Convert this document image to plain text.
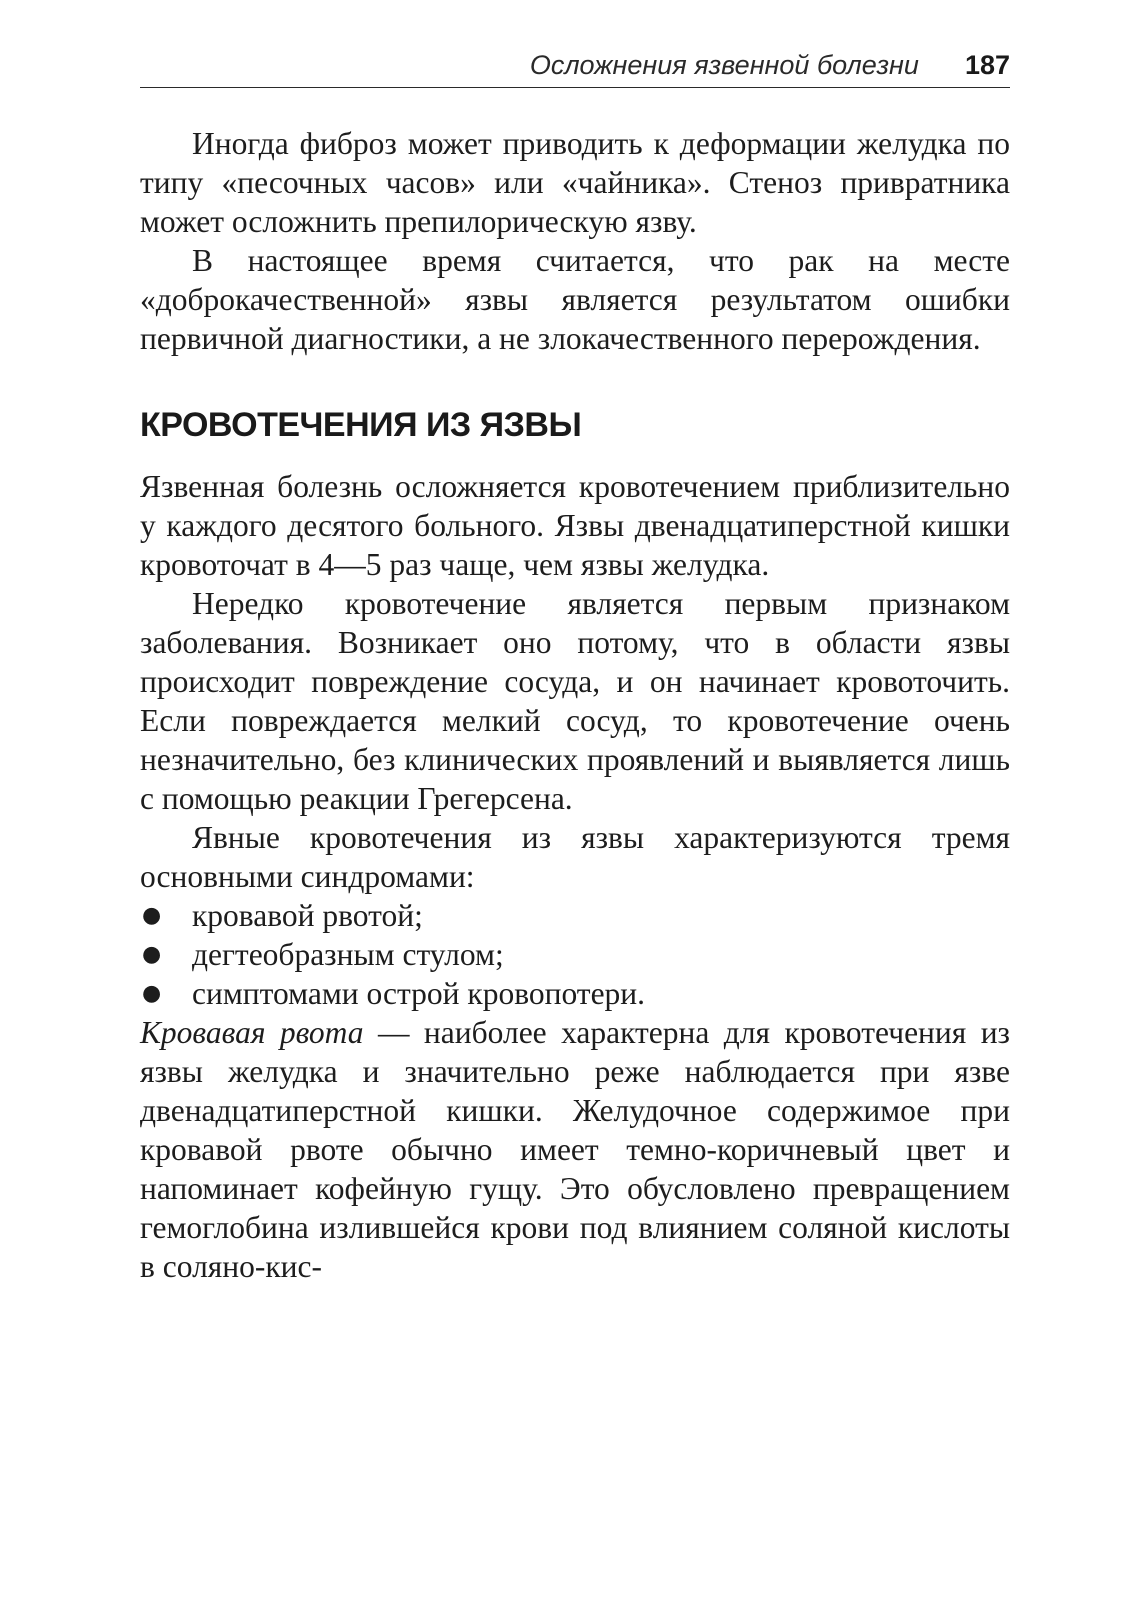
Осложнения язвенной болезни 187

Иногда фиброз может приводить к деформации желудка по типу «песочных часов» или «чайника». Стеноз привратника может осложнить препилорическую язву.

В настоящее время считается, что рак на месте «доброкачественной» язвы является результатом ошибки первичной диагностики, а не злокачественного перерождения.

КРОВОТЕЧЕНИЯ ИЗ ЯЗВЫ

Язвенная болезнь осложняется кровотечением приблизительно у каждого десятого больного. Язвы двенадцатиперстной кишки кровоточат в 4—5 раз чаще, чем язвы желудка.

Нередко кровотечение является первым признаком заболевания. Возникает оно потому, что в области язвы происходит повреждение сосуда, и он начинает кровоточить. Если повреждается мелкий сосуд, то кровотечение очень незначительно, без клинических проявлений и выявляется лишь с помощью реакции Грегерсена.

Явные кровотечения из язвы характеризуются тремя основными синдромами:

● кровавой рвотой;
● дегтеобразным стулом;
● симптомами острой кровопотери.

Кровавая рвота — наиболее характерна для кровотечения из язвы желудка и значительно реже наблюдается при язве двенадцатиперстной кишки. Желудочное содержимое при кровавой рвоте обычно имеет темно-коричневый цвет и напоминает кофейную гущу. Это обусловлено превращением гемоглобина излившейся крови под влиянием соляной кислоты в соляно-кис-
